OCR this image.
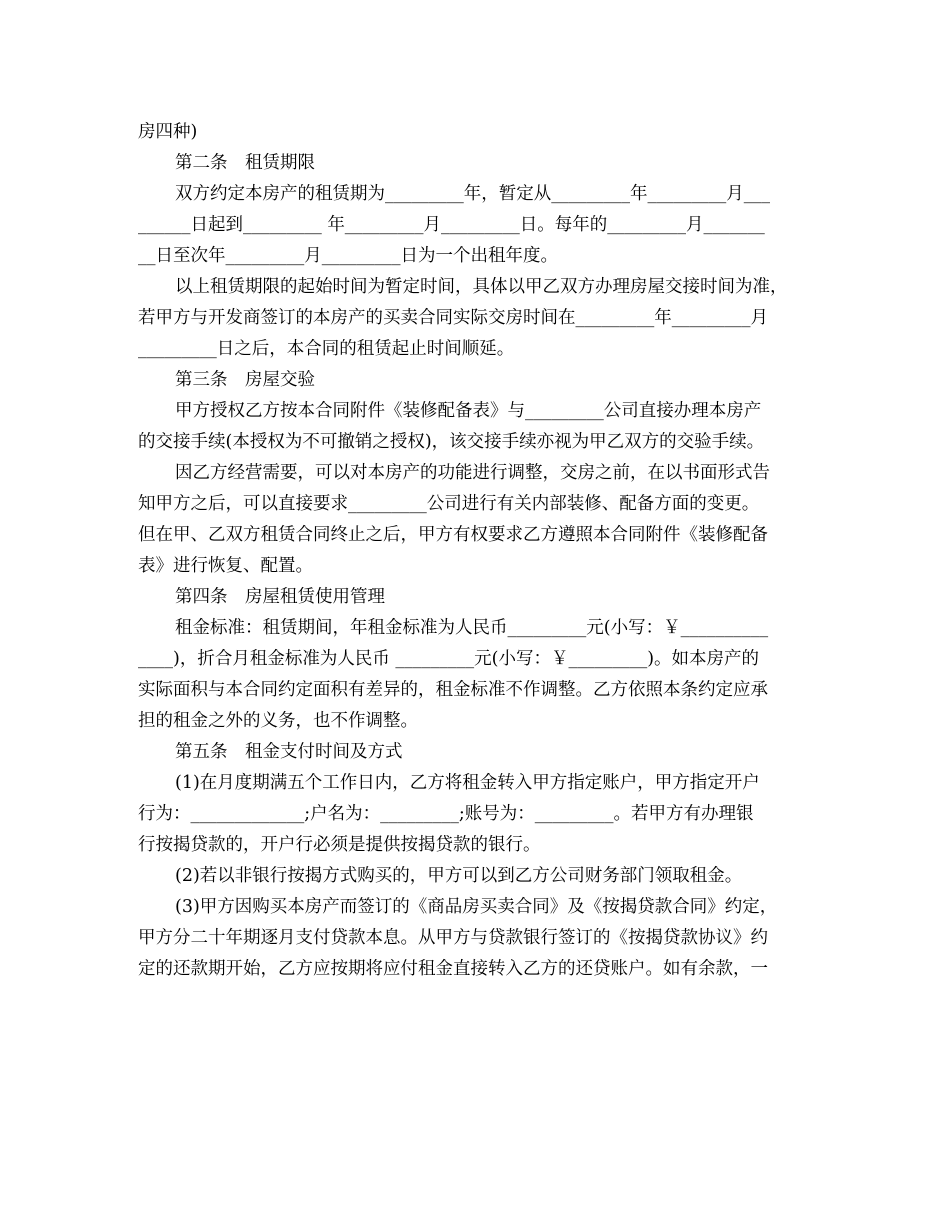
房四种)
第二条　租赁期限
双方约定本房产的租赁期为_________年，暂定从_________年_________月___
______日起到_________ 年_________月_________日。每年的_________月_______
__日至次年_________月_________日为一个出租年度。
以上租赁期限的起始时间为暂定时间，具体以甲乙双方办理房屋交接时间为准，
若甲方与开发商签订的本房产的买卖合同实际交房时间在_________年_________月
_________日之后，本合同的租赁起止时间顺延。
第三条　房屋交验
甲方授权乙方按本合同附件《装修配备表》与_________公司直接办理本房产
的交接手续(本授权为不可撤销之授权)，该交接手续亦视为甲乙双方的交验手续。
因乙方经营需要，可以对本房产的功能进行调整，交房之前，在以书面形式告
知甲方之后，可以直接要求_________公司进行有关内部装修、配备方面的变更。
但在甲、乙双方租赁合同终止之后，甲方有权要求乙方遵照本合同附件《装修配备
表》进行恢复、配置。
第四条　房屋租赁使用管理
租金标准：租赁期间，年租金标准为人民币_________元(小写：￥__________
____)，折合月租金标准为人民币 _________元(小写：￥_________)。如本房产的
实际面积与本合同约定面积有差异的，租金标准不作调整。乙方依照本条约定应承
担的租金之外的义务，也不作调整。
第五条　租金支付时间及方式
(1)在月度期满五个工作日内，乙方将租金转入甲方指定账户，甲方指定开户
行为：_____________;户名为：_________;账号为：_________。若甲方有办理银
行按揭贷款的，开户行必须是提供按揭贷款的银行。
(2)若以非银行按揭方式购买的，甲方可以到乙方公司财务部门领取租金。
(3)甲方因购买本房产而签订的《商品房买卖合同》及《按揭贷款合同》约定，
甲方分二十年期逐月支付贷款本息。从甲方与贷款银行签订的《按揭贷款协议》约
定的还款期开始，乙方应按期将应付租金直接转入乙方的还贷账户。如有余款，一
